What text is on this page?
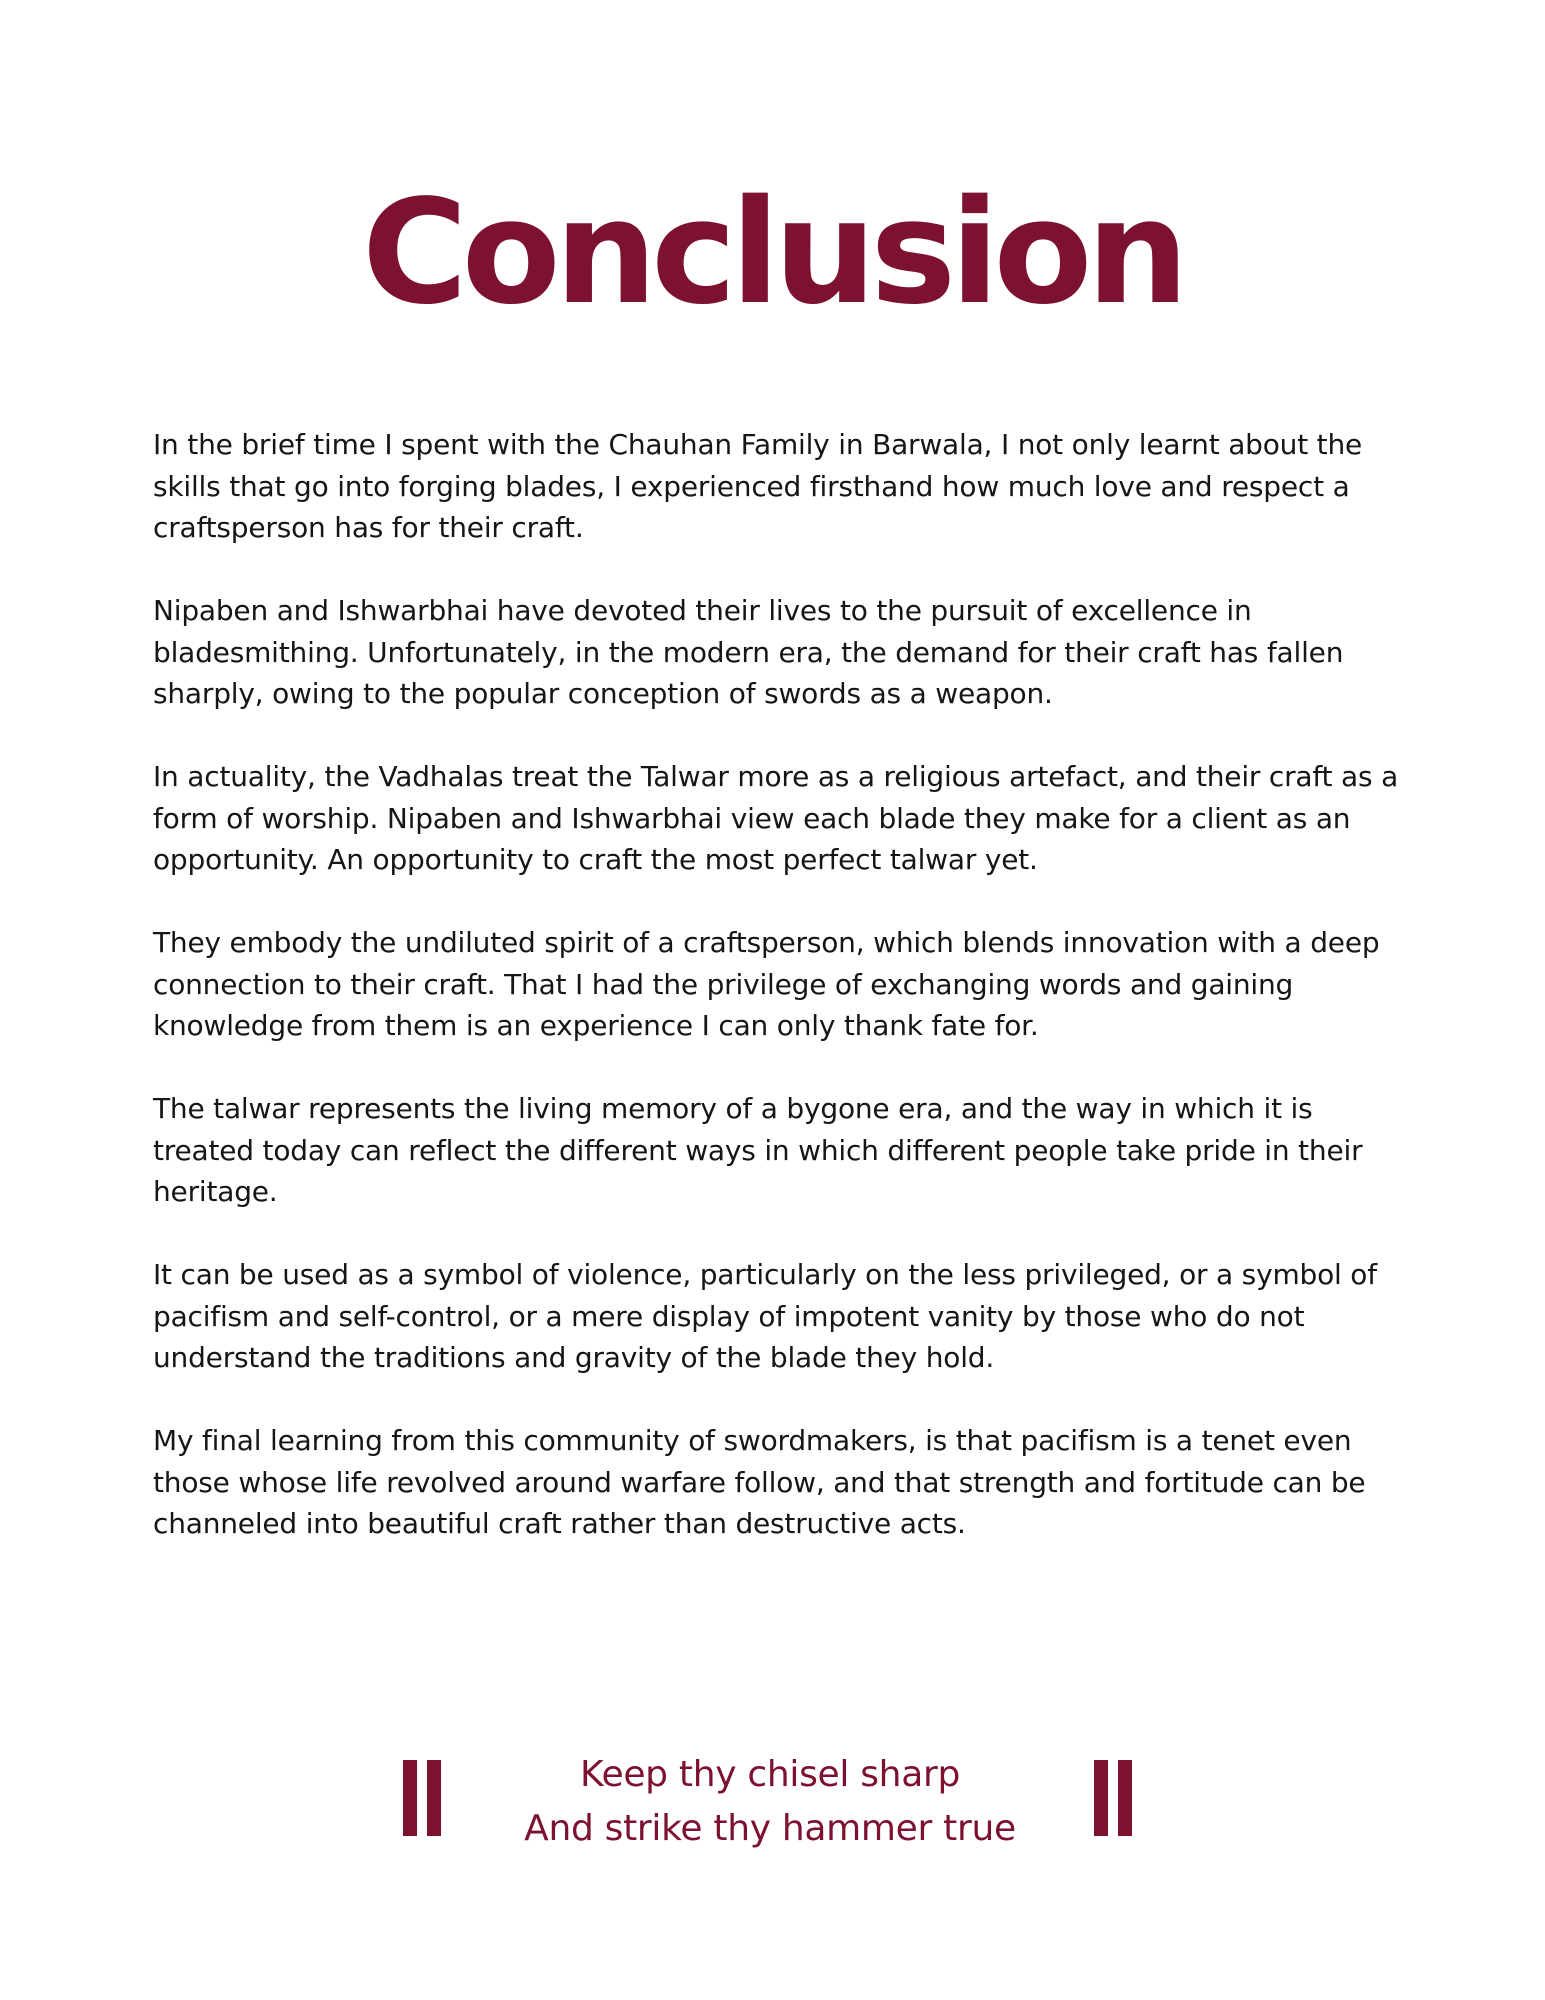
Conclusion

In the brief time I spent with the Chauhan Family in Barwala, I not only learnt about the skills that go into forging blades, I experienced firsthand how much love and respect a craftsperson has for their craft.

Nipaben and Ishwarbhai have devoted their lives to the pursuit of excellence in bladesmithing. Unfortunately, in the modern era, the demand for their craft has fallen sharply, owing to the popular conception of swords as a weapon.

In actuality, the Vadhalas treat the Talwar more as a religious artefact, and their craft as a form of worship. Nipaben and Ishwarbhai view each blade they make for a client as an opportunity. An opportunity to craft the most perfect talwar yet.

They embody the undiluted spirit of a craftsperson, which blends innovation with a deep connection to their craft. That I had the privilege of exchanging words and gaining knowledge from them is an experience I can only thank fate for.

The talwar represents the living memory of a bygone era, and the way in which it is treated today can reflect the different ways in which different people take pride in their heritage.

It can be used as a symbol of violence, particularly on the less privileged, or a symbol of pacifism and self-control, or a mere display of impotent vanity by those who do not understand the traditions and gravity of the blade they hold.

My final learning from this community of swordmakers, is that pacifism is a tenet even those whose life revolved around warfare follow, and that strength and fortitude can be channeled into beautiful craft rather than destructive acts.

Keep thy chisel sharp
And strike thy hammer true
